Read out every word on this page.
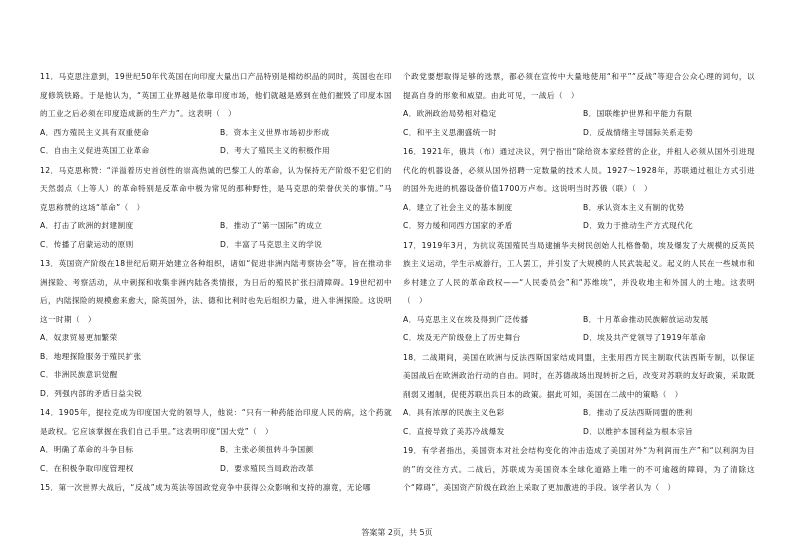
11．马克思注意到，19世纪50年代英国在向印度大量出口产品特别是棉纺织品的同时，英国也在印度修筑铁路。于是他认为，“英国工业界越是依靠印度市场，他们就越是感到在他们摧毁了印度本国的工业之后必须在印度造成新的生产力”。这表明（　）
A．西方殖民主义具有双重使命	B．资本主义世界市场初步形成
C．自由主义促进英国工业革命	D．考大了殖民主义的积极作用
12．马克思称赞：“洋溢着历史首创性的崇高热诚的巴黎工人的革命，认为保持无产阶级不犯它们的天然弱点（上等人）的革命特别是反革命中极为常见的那种野性，是马克思的荣誉伏关的事情。”马克思称赞的这场“革命”（　）
A．打击了欧洲的封建制度	B．推动了“第一国际”的成立
C．传播了启蒙运动的原则	D．丰富了马克思主义的学说
13．英国资产阶级在18世纪后期开始建立各种组织，诸如“促进非洲内陆考察协会”等，旨在推动非洲探险、考察活动，从中刺探和收集非洲内陆各类情报，为日后的殖民扩张扫清障碍。19世纪初中后，内陆探险的规模愈来愈大，除英国外，法、德和比利时也先后组织力量，进入非洲探险。这说明这一时期（　）
A．奴隶贸易更加繁荣
B．地理探险服务于殖民扩张
C．非洲民族意识觉醒
D．列强内部的矛盾日益尖锐
14．1905年，提拉克成为印度国大党的领导人，他说：“只有一种药能治印度人民的病，这个药就是政权。它应该掌握在我们自己手里。”这表明印度“国大党”（　）
A．明确了革命的斗争目标	B．主张必须扭转斗争国颜
C．在积极争取印度管理权	D．要求殖民当局政治改革
15．第一次世界大战后，“反战”成为英法等国政党竞争中获得公众影响和支持的凛竟，无论哪
个政党要想取得足够的选票，都必须在宣传中大量地使用“和平”“反战”等迎合公众心理的词句，以提高自身的形象和威望。由此可见，一战后（　）
A．欧洲政治局势相对稳定	B．国联维护世界和平能力有限
C．和平主义思潮盛统一时	D．反战情绪主导国际关系走势
16．1921年，俄共（布）通过决议，列宁指出“除给资本家经营的企业，并租人必须从国外引进现代化的机器设备，必须从国外招聘一定数量的技术人员。1927～1928年，苏联通过租让方式引进的国外先进的机器设备价值1700万卢布。这说明当时苏俄（联）（　）
A．建立了社会主义的基本制度	B．承认资本主义有制的优势
C．努力缓和同西方国家的矛盾	D．致力于推动生产方式现代化
17．1919年3月，为抗议英国殖民当局逮捕华夫树民创始人扎格鲁勒，埃及爆发了大规模的反英民族主义运动，学生示威游行，工人罢工，并引发了大规模的人民武装起义。起义的人民在一些城市和乡村建立了人民的革命政权——“人民委员会”和“苏维埃”，并没收地主和外国人的土地。这表明（　）
A．马克思主义在埃及得到广泛传播	B．十月革命推动民族解放运动发展
C．埃及无产阶级登上了历史舞台	D．埃及共产党领导了1919年革命
18．二战期间，美国在欧洲与反法西斯国家结成同盟，主张用西方民主制取代法西斯专制，以保证美国战后在欧洲政治行动的自由。同时，在苏德战场出现转折之后，改变对苏联的友好政策，采取既削弱又遏制，促使苏联出兵日本的政策。据此可知，美国在二战中的策略（　）
A．具有浓厚的民族主义色彩	B．推动了反法西斯同盟的胜利
C．直接导致了美苏冷战爆发	D．以维护本国利益为根本宗旨
19．有学者指出，美国资本对社会结构变化的冲击造成了美国对外“为利润而生产”和“以利润为目的”的交往方式。二战后，苏联成为美国资本全球化道路上唯一的不可逾越的障碍，为了清除这个“障碍”，美国资产阶级在政治上采取了更加激进的手段。该学者认为（　）
答案第 2页，共 5页
